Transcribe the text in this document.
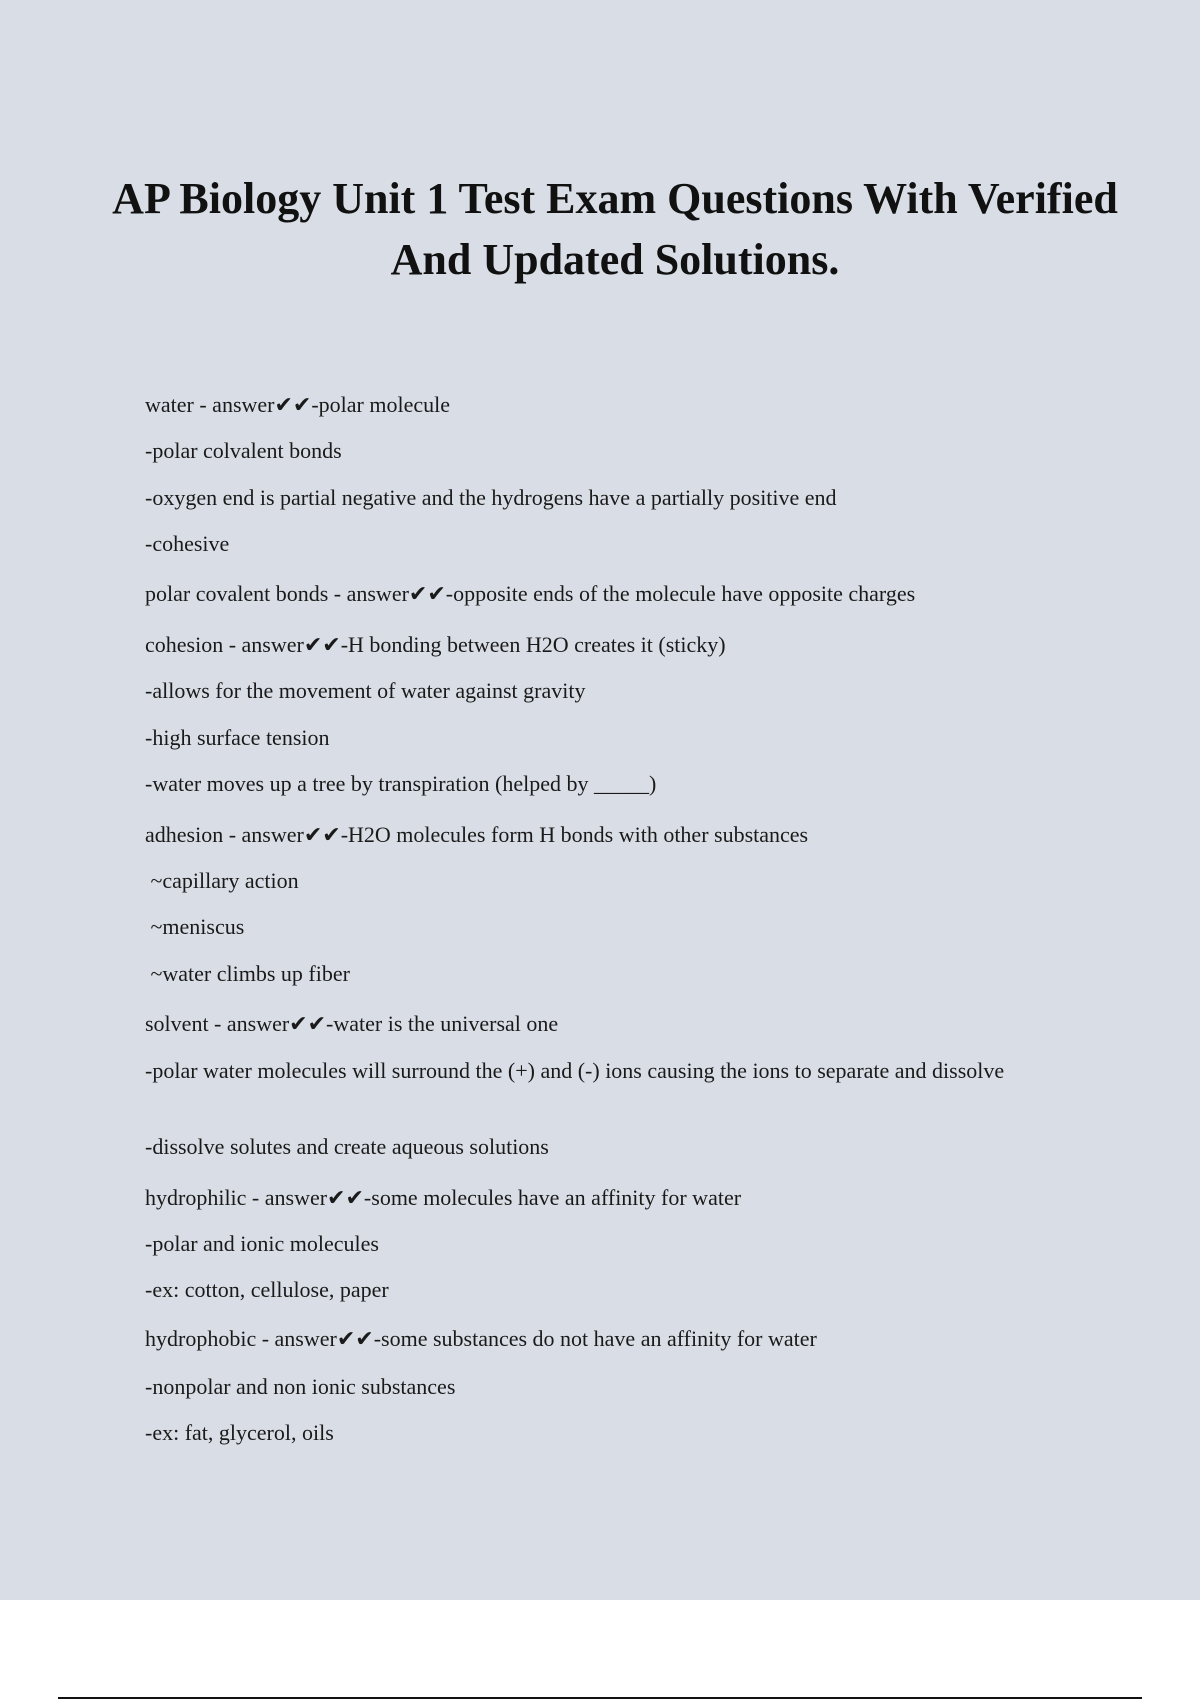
AP Biology Unit 1 Test Exam Questions With Verified And Updated Solutions.
water - answer✔✔-polar molecule
-polar colvalent bonds
-oxygen end is partial negative and the hydrogens have a partially positive end
-cohesive
polar covalent bonds - answer✔✔-opposite ends of the molecule have opposite charges
cohesion - answer✔✔-H bonding between H2O creates it (sticky)
-allows for the movement of water against gravity
-high surface tension
-water moves up a tree by transpiration (helped by _____)
adhesion - answer✔✔-H2O molecules form H bonds with other substances
~capillary action
~meniscus
~water climbs up fiber
solvent - answer✔✔-water is the universal one
-polar water molecules will surround the (+) and (-) ions causing the ions to separate and dissolve
-dissolve solutes and create aqueous solutions
hydrophilic - answer✔✔-some molecules have an affinity for water
-polar and ionic molecules
-ex: cotton, cellulose, paper
hydrophobic - answer✔✔-some substances do not have an affinity for water
-nonpolar and non ionic substances
-ex: fat, glycerol, oils
